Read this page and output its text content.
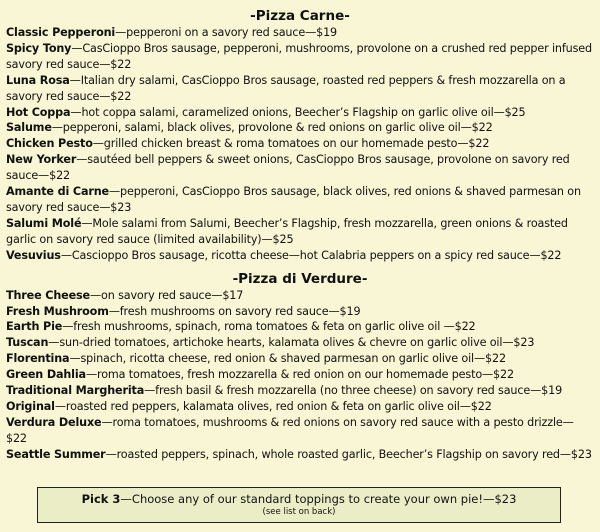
-Pizza Carne-

Classic Pepperoni—pepperoni on a savory red sauce—$19

Spicy Tony—CasCioppo Bros sausage, pepperoni, mushrooms, provolone on a crushed red pepper infused savory red sauce—$22

Luna Rosa—Italian dry salami, CasCioppo Bros sausage, roasted red peppers & fresh mozzarella on a savory red sauce—$22

Hot Coppa—hot coppa salami, caramelized onions, Beecher’s Flagship on garlic olive oil—$25

Salume—pepperoni, salami, black olives, provolone & red onions on garlic olive oil—$22

Chicken Pesto—grilled chicken breast & roma tomatoes on our homemade pesto—$22

New Yorker—sautéed bell peppers & sweet onions, CasCioppo Bros sausage, provolone on savory red sauce—$22

Amante di Carne—pepperoni, CasCioppo Bros sausage, black olives, red onions & shaved parmesan on savory red sauce—$23

Salumi Molé—Mole salami from Salumi, Beecher’s Flagship, fresh mozzarella, green onions & roasted garlic on savory red sauce (limited availability)—$25

Vesuvius—Cascioppo Bros sausage, ricotta cheese—hot Calabria peppers on a spicy red sauce—$22

-Pizza di Verdure-

Three Cheese—on savory red sauce—$17

Fresh Mushroom—fresh mushrooms on savory red sauce—$19

Earth Pie—fresh mushrooms, spinach, roma tomatoes & feta on garlic olive oil —$22

Tuscan—sun-dried tomatoes, artichoke hearts, kalamata olives & chevre on garlic olive oil—$23

Florentina—spinach, ricotta cheese, red onion & shaved parmesan on garlic olive oil—$22

Green Dahlia—roma tomatoes, fresh mozzarella & red onion on our homemade pesto—$22

Traditional Margherita—fresh basil & fresh mozzarella (no three cheese) on savory red sauce—$19

Original—roasted red peppers, kalamata olives, red onion & feta on garlic olive oil—$22

Verdura Deluxe—roma tomatoes, mushrooms & red onions on savory red sauce with a pesto drizzle—$22

Seattle Summer—roasted peppers, spinach, whole roasted garlic, Beecher’s Flagship on savory red—$23

Pick 3—Choose any of our standard toppings to create your own pie!—$23
(see list on back)
